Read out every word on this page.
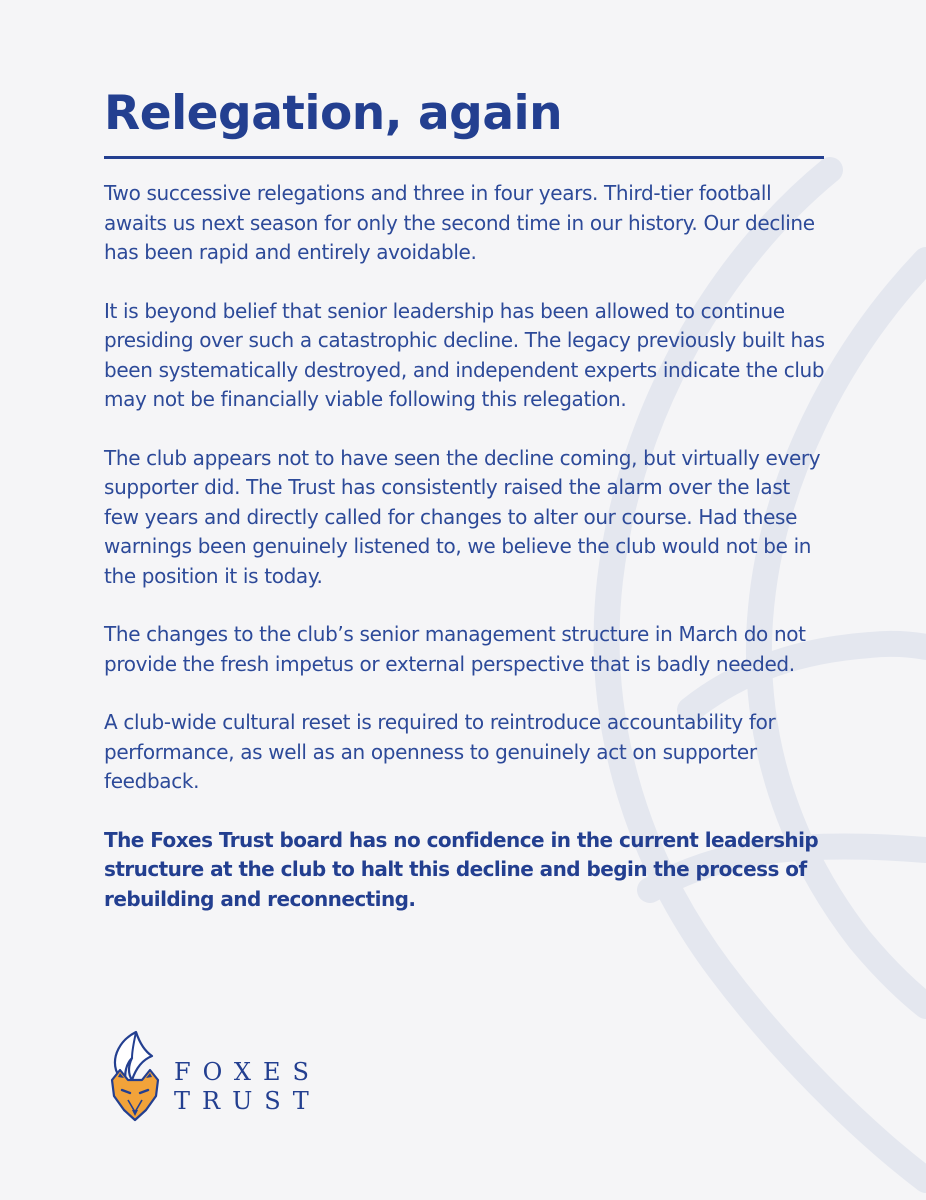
Relegation, again

Two successive relegations and three in four years. Third-tier football awaits us next season for only the second time in our history. Our decline has been rapid and entirely avoidable.

It is beyond belief that senior leadership has been allowed to continue presiding over such a catastrophic decline. The legacy previously built has been systematically destroyed, and independent experts indicate the club may not be financially viable following this relegation.

The club appears not to have seen the decline coming, but virtually every supporter did. The Trust has consistently raised the alarm over the last few years and directly called for changes to alter our course. Had these warnings been genuinely listened to, we believe the club would not be in the position it is today.

The changes to the club’s senior management structure in March do not provide the fresh impetus or external perspective that is badly needed.

A club-wide cultural reset is required to reintroduce accountability for performance, as well as an openness to genuinely act on supporter feedback.

The Foxes Trust board has no confidence in the current leadership structure at the club to halt this decline and begin the process of rebuilding and reconnecting.

FOXES
TRUST
